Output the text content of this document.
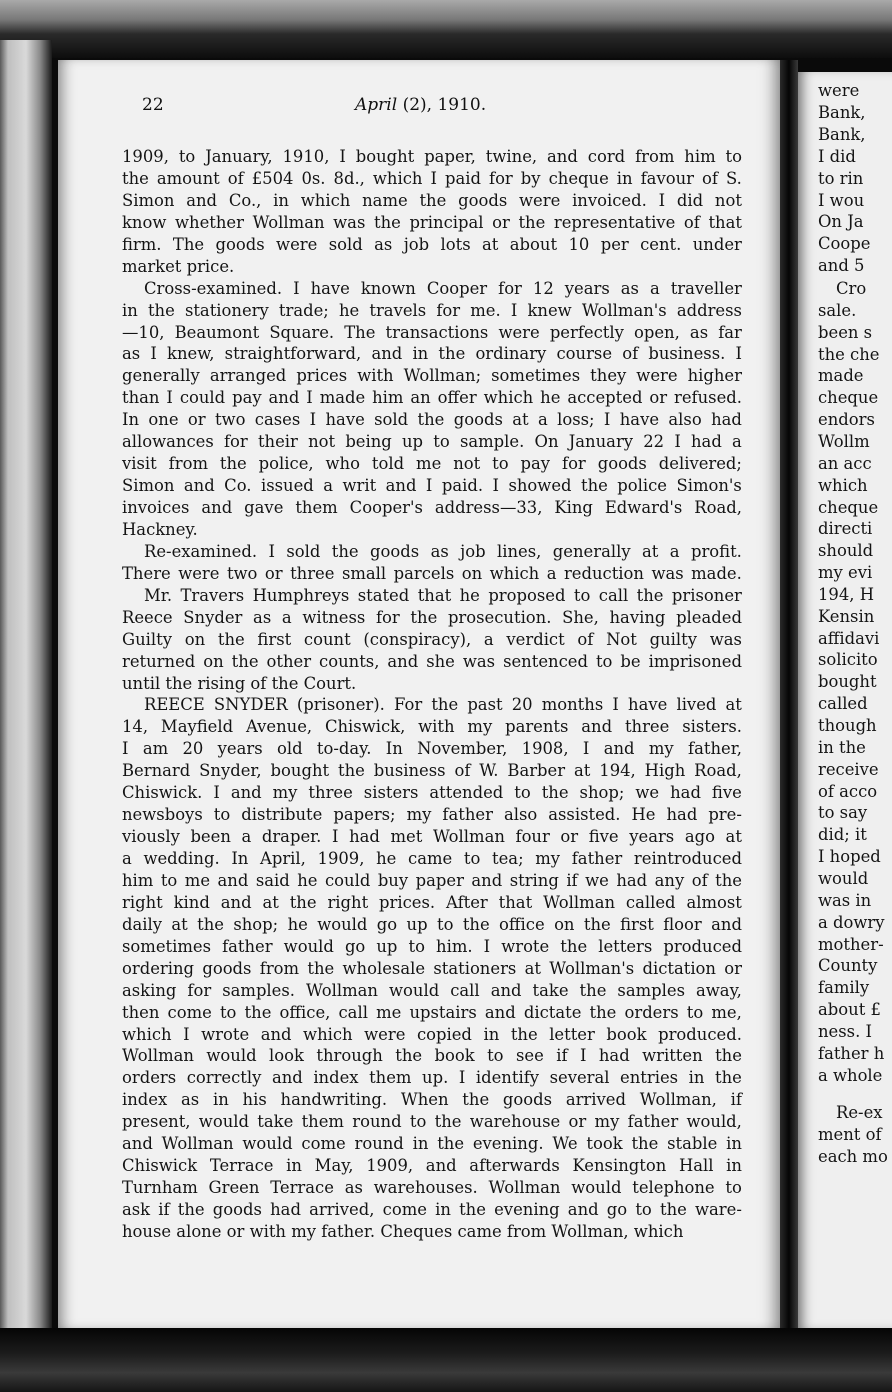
were
Bank,
Bank,
I did
to rin
I wou
On Ja
Coope
and 5
Cro
sale.
been s
the che
made
cheque
endors
Wollm
an acc
which
cheque
directi
should
my evi
194, H
Kensin
affidavi
solicito
bought
called
though
in the
receive
of acco
to say
did; it
I hoped
would
was in
a dowry
mother-
County
family
about £
ness. I
father h
a whole
Re-ex
ment of
each mo
22	April (2), 1910.
1909, to January, 1910, I bought paper, twine, and cord from him to
the amount of £504 0s. 8d., which I paid for by cheque in favour of S.
Simon and Co., in which name the goods were invoiced. I did not
know whether Wollman was the principal or the representative of that
firm. The goods were sold as job lots at about 10 per cent. under
market price.
Cross-examined. I have known Cooper for 12 years as a traveller
in the stationery trade; he travels for me. I knew Wollman's address
—10, Beaumont Square. The transactions were perfectly open, as far
as I knew, straightforward, and in the ordinary course of business. I
generally arranged prices with Wollman; sometimes they were higher
than I could pay and I made him an offer which he accepted or refused.
In one or two cases I have sold the goods at a loss; I have also had
allowances for their not being up to sample. On January 22 I had a
visit from the police, who told me not to pay for goods delivered;
Simon and Co. issued a writ and I paid. I showed the police Simon's
invoices and gave them Cooper's address—33, King Edward's Road,
Hackney.
Re-examined. I sold the goods as job lines, generally at a profit.
There were two or three small parcels on which a reduction was made.
Mr. Travers Humphreys stated that he proposed to call the prisoner
Reece Snyder as a witness for the prosecution. She, having pleaded
Guilty on the first count (conspiracy), a verdict of Not guilty was
returned on the other counts, and she was sentenced to be imprisoned
until the rising of the Court.
REECE SNYDER (prisoner). For the past 20 months I have lived at
14, Mayfield Avenue, Chiswick, with my parents and three sisters.
I am 20 years old to-day. In November, 1908, I and my father,
Bernard Snyder, bought the business of W. Barber at 194, High Road,
Chiswick. I and my three sisters attended to the shop; we had five
newsboys to distribute papers; my father also assisted. He had pre-
viously been a draper. I had met Wollman four or five years ago at
a wedding. In April, 1909, he came to tea; my father reintroduced
him to me and said he could buy paper and string if we had any of the
right kind and at the right prices. After that Wollman called almost
daily at the shop; he would go up to the office on the first floor and
sometimes father would go up to him. I wrote the letters produced
ordering goods from the wholesale stationers at Wollman's dictation or
asking for samples. Wollman would call and take the samples away,
then come to the office, call me upstairs and dictate the orders to me,
which I wrote and which were copied in the letter book produced.
Wollman would look through the book to see if I had written the
orders correctly and index them up. I identify several entries in the
index as in his handwriting. When the goods arrived Wollman, if
present, would take them round to the warehouse or my father would,
and Wollman would come round in the evening. We took the stable in
Chiswick Terrace in May, 1909, and afterwards Kensington Hall in
Turnham Green Terrace as warehouses. Wollman would telephone to
ask if the goods had arrived, come in the evening and go to the ware-
house alone or with my father. Cheques came from Wollman, which
